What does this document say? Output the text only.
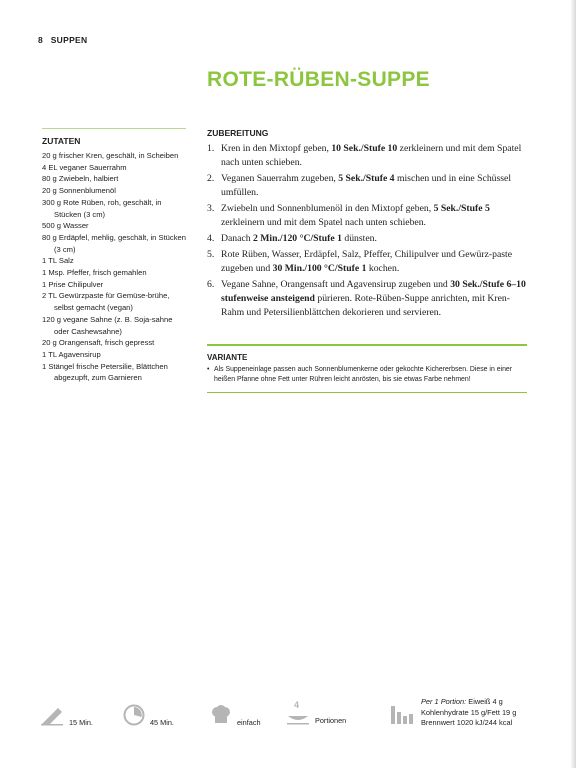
8 SUPPEN
ROTE-RÜBEN-SUPPE
ZUTATEN
20 g frischer Kren, geschält, in Scheiben
4 EL veganer Sauerrahm
80 g Zwiebeln, halbiert
20 g Sonnenblumenöl
300 g Rote Rüben, roh, geschält, in Stücken (3 cm)
500 g Wasser
80 g Erdäpfel, mehlig, geschält, in Stücken (3 cm)
1 TL Salz
1 Msp. Pfeffer, frisch gemahlen
1 Prise Chilipulver
2 TL Gewürzpaste für Gemüse-brühe, selbst gemacht (vegan)
120 g vegane Sahne (z. B. Soja-sahne oder Cashewsahne)
20 g Orangensaft, frisch gepresst
1 TL Agavensirup
1 Stängel frische Petersilie, Blättchen abgezupft, zum Garnieren
ZUBEREITUNG
1. Kren in den Mixtopf geben, 10 Sek./Stufe 10 zerkleinern und mit dem Spatel nach unten schieben.
2. Veganen Sauerrahm zugeben, 5 Sek./Stufe 4 mischen und in eine Schüssel umfüllen.
3. Zwiebeln und Sonnenblumenöl in den Mixtopf geben, 5 Sek./Stufe 5 zerkleinern und mit dem Spatel nach unten schieben.
4. Danach 2 Min./120 °C/Stufe 1 dünsten.
5. Rote Rüben, Wasser, Erdäpfel, Salz, Pfeffer, Chilipulver und Gewürz-paste zugeben und 30 Min./100 °C/Stufe 1 kochen.
6. Vegane Sahne, Orangensaft und Agavensirup zugeben und 30 Sek./Stufe 6–10 stufenweise ansteigend pürieren. Rote-Rüben-Suppe anrichten, mit Kren-Rahm und Petersilienblättchen dekorieren und servieren.
VARIANTE
• Als Suppeneinlage passen auch Sonnenblumenkerne oder gekochte Kichererbsen. Diese in einer heißen Pfanne ohne Fett unter Rühren leicht anrösten, bis sie etwas Farbe nehmen!
15 Min.	45 Min.	einfach
4
Portionen
Per 1 Portion: Eiweiß 4 g
Kohlenhydrate 15 g/Fett 19 g
Brennwert 1020 kJ/244 kcal
